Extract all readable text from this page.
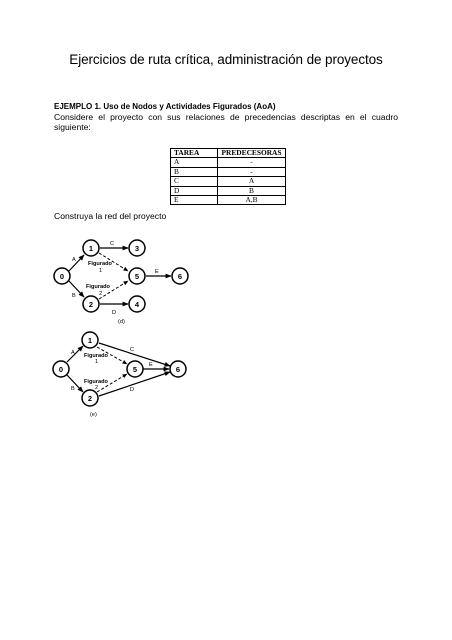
Ejercicios de ruta crítica, administración de proyectos
EJEMPLO 1. Uso de Nodos y Actividades Figurados (AoA)
Considere el proyecto con sus relaciones de precedencias descriptas en el cuadro siguiente:
TAREA	PREDECESORAS
A	-
B	-
C	A
D	B
E	A,B
Construya la red del proyecto
0
1
2
3
4
5	6
A
B
C
D
E
Figurado
1
Figurado
2
(d)
0
1
2
5	6
A
B
C
D
E
Figurado
1
Figurado
2
(e)
